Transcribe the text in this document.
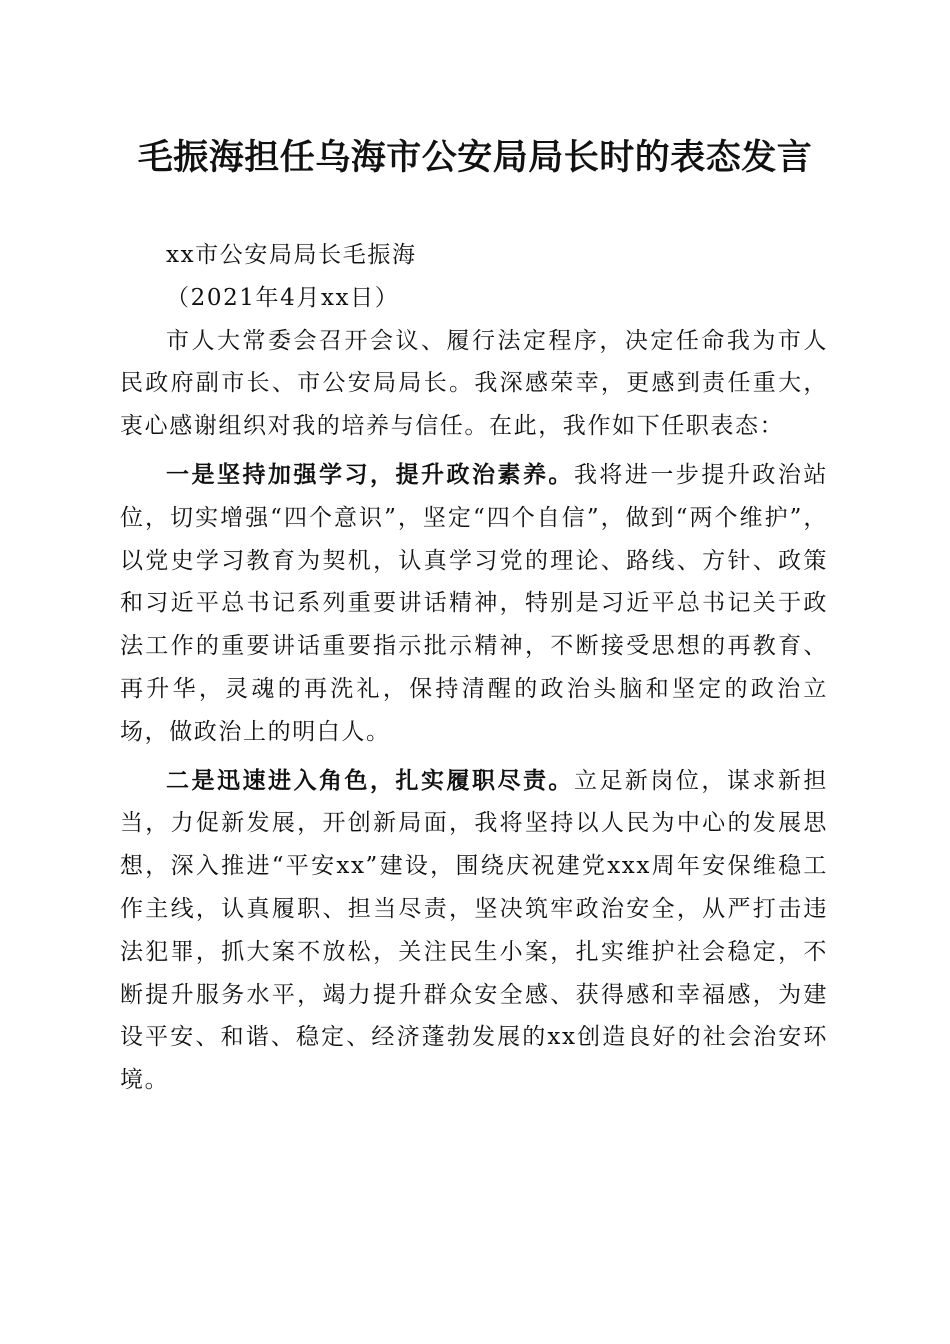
毛振海担任乌海市公安局局长时的表态发言

xx市公安局局长毛振海

（2021年4月xx日）

市人大常委会召开会议、履行法定程序，决定任命我为市人民政府副市长、市公安局局长。我深感荣幸，更感到责任重大，衷心感谢组织对我的培养与信任。在此，我作如下任职表态：

一是坚持加强学习，提升政治素养。我将进一步提升政治站位，切实增强“四个意识”，坚定“四个自信”，做到“两个维护”，以党史学习教育为契机，认真学习党的理论、路线、方针、政策和习近平总书记系列重要讲话精神，特别是习近平总书记关于政法工作的重要讲话重要指示批示精神，不断接受思想的再教育、再升华，灵魂的再洗礼，保持清醒的政治头脑和坚定的政治立场，做政治上的明白人。

二是迅速进入角色，扎实履职尽责。立足新岗位，谋求新担当，力促新发展，开创新局面，我将坚持以人民为中心的发展思想，深入推进“平安xx”建设，围绕庆祝建党xxx周年安保维稳工作主线，认真履职、担当尽责，坚决筑牢政治安全，从严打击违法犯罪，抓大案不放松，关注民生小案，扎实维护社会稳定，不断提升服务水平，竭力提升群众安全感、获得感和幸福感，为建设平安、和谐、稳定、经济蓬勃发展的xx创造良好的社会治安环境。
